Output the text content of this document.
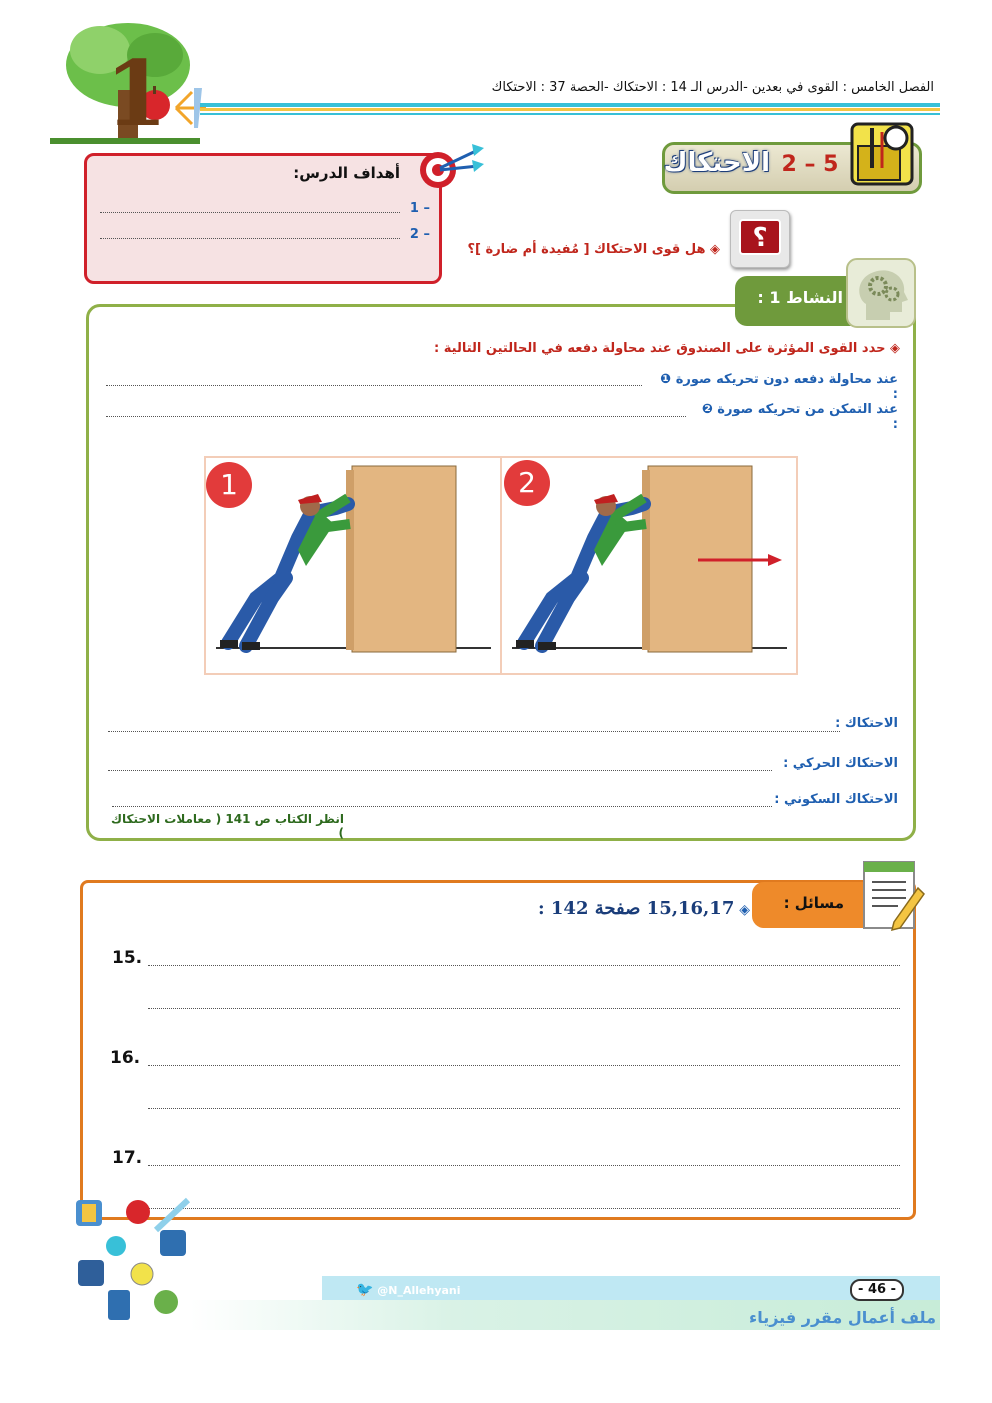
1	الفصل الخامس : القوى في بعدين -الدرس الـ 14 : الاحتكاك -الحصة 37 : الاحتكاك
الاحتكاك 2 – 5
أهداف الدرس:
1 –
2 –	؟
◈ هل قوى الاحتكاك [ مُفيدة أم ضارة ]؟
النشاط 1 :
◈ حدد القوى المؤثرة على الصندوق عند محاولة دفعه في الحالتين التالية :
عند محاولة دفعه دون تحريكه صورة ❶ :
عند التمكن من تحريكه صورة ❷ :
1	2
الاحتكاك :
الاحتكاك الحركي :
الاحتكاك السكوني :
انظر الكتاب ص 141 ( معاملات الاحتكاك )
مسائل :
◈ 15,16,17 صفحة 142 :
15.
16.
17.
🐦 @N_Allehyani	- 46 -
ملف أعمال مقرر فيزياء
